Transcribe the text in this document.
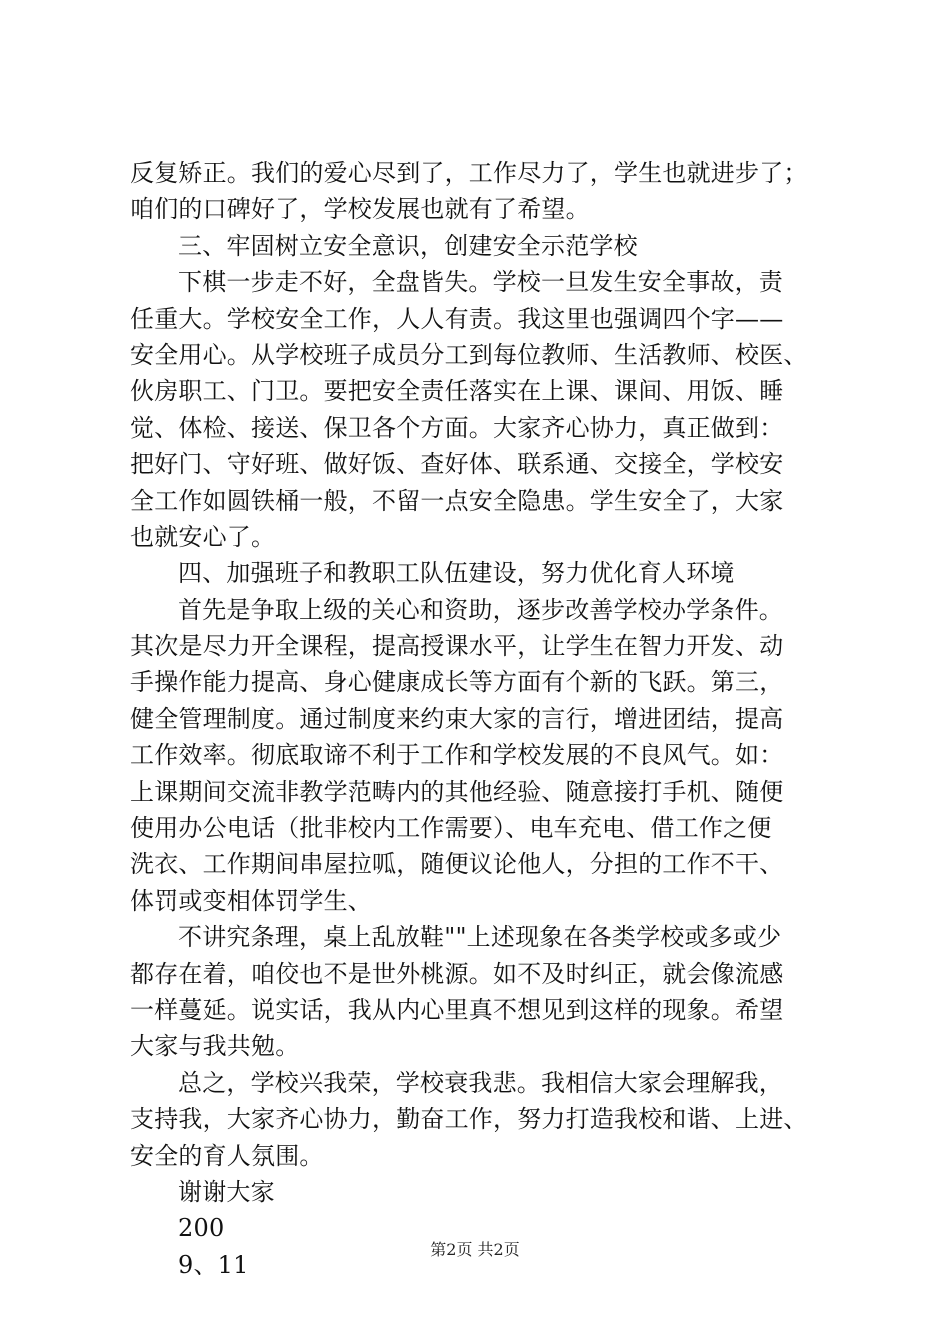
反复矫正。我们的爱心尽到了，工作尽力了，学生也就进步了；
咱们的口碑好了，学校发展也就有了希望。
三、牢固树立安全意识，创建安全示范学校
下棋一步走不好，全盘皆失。学校一旦发生安全事故，责
任重大。学校安全工作，人人有责。我这里也强调四个字——
安全用心。从学校班子成员分工到每位教师、生活教师、校医、
伙房职工、门卫。要把安全责任落实在上课、课间、用饭、睡
觉、体检、接送、保卫各个方面。大家齐心协力，真正做到：
把好门、守好班、做好饭、查好体、联系通、交接全，学校安
全工作如圆铁桶一般，不留一点安全隐患。学生安全了，大家
也就安心了。
四、加强班子和教职工队伍建设，努力优化育人环境
首先是争取上级的关心和资助，逐步改善学校办学条件。
其次是尽力开全课程，提高授课水平，让学生在智力开发、动
手操作能力提高、身心健康成长等方面有个新的飞跃。第三，
健全管理制度。通过制度来约束大家的言行，增进团结，提高
工作效率。彻底取谛不利于工作和学校发展的不良风气。如：
上课期间交流非教学范畴内的其他经验、随意接打手机、随便
使用办公电话（批非校内工作需要）、电车充电、借工作之便
洗衣、工作期间串屋拉呱，随便议论他人，分担的工作不干、
体罚或变相体罚学生、
不讲究条理，桌上乱放鞋""上述现象在各类学校或多或少
都存在着，咱佼也不是世外桃源。如不及时纠正，就会像流感
一样蔓延。说实话，我从内心里真不想见到这样的现象。希望
大家与我共勉。
总之，学校兴我荣，学校衰我悲。我相信大家会理解我，
支持我，大家齐心协力，勤奋工作，努力打造我校和谐、上进、
安全的育人氛围。
谢谢大家
200
9、11
第2页 共2页
